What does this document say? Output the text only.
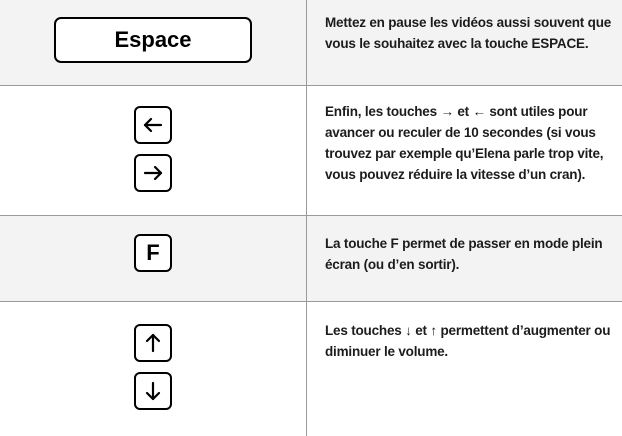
Espace
Mettez en pause les vidéos aussi souvent que vous le souhaitez avec la touche ESPACE.
Enfin, les touches → et ← sont utiles pour avancer ou reculer de 10 secondes (si vous trouvez par exemple qu’Elena parle trop vite, vous pouvez réduire la vitesse d’un cran).
F	La touche F permet de passer en mode plein écran (ou d’en sortir).
Les touches ↓ et ↑ permettent d’augmenter ou diminuer le volume.
